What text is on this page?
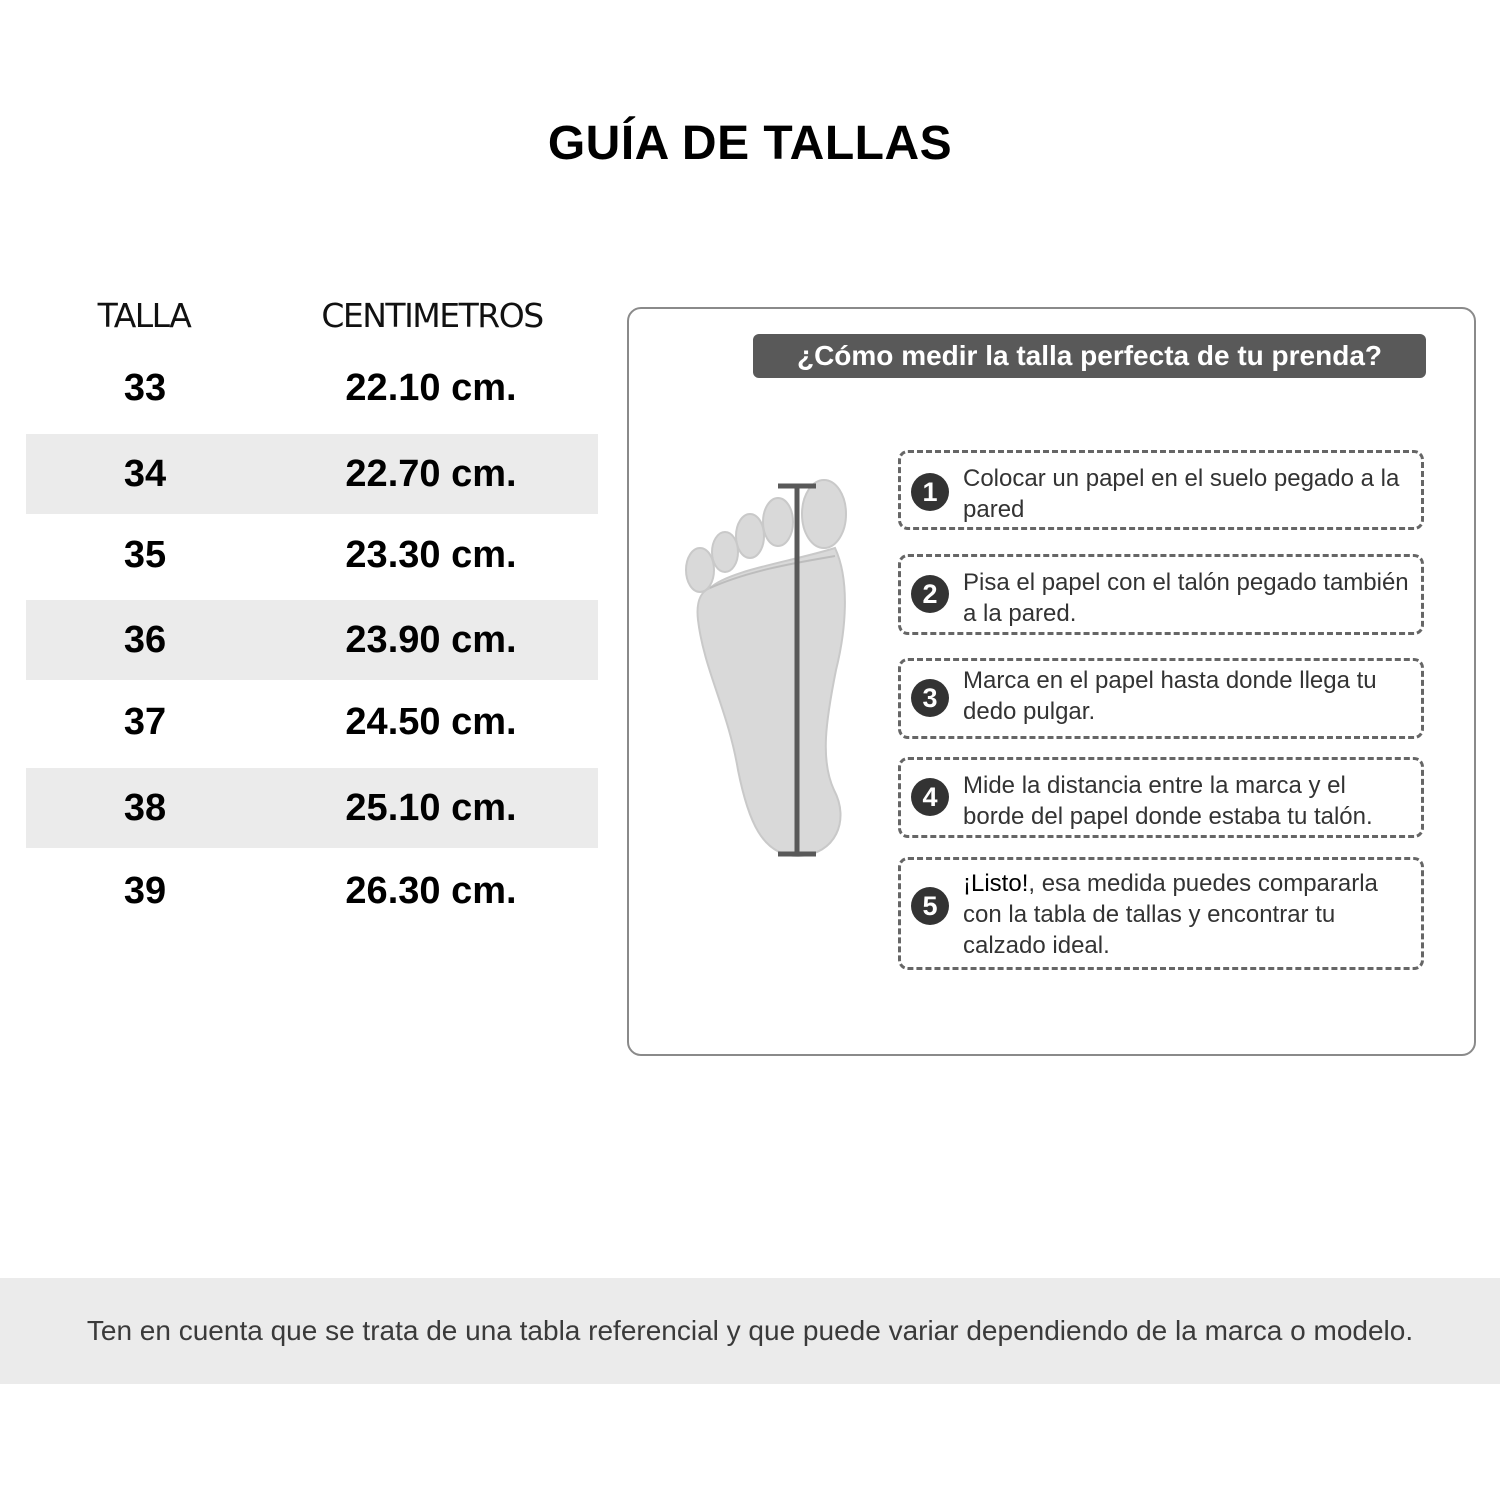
GUÍA DE TALLAS
TALLA	CENTIMETROS
33	22.10 cm.
34	22.70 cm.
35	23.30 cm.
36	23.90 cm.
37	24.50 cm.
38	25.10 cm.
39	26.30 cm.
¿Cómo medir la talla perfecta de tu prenda?
1	Colocar un papel en el suelo pegado a la pared
2	Pisa el papel con el talón pegado también a la pared.
3
Marca en el papel hasta donde llega tu dedo pulgar.
4	Mide la distancia entre la marca y el borde del papel donde estaba tu talón.
5
¡Listo!, esa medida puedes compararla con la tabla de tallas y encontrar tu calzado ideal.
Ten en cuenta que se trata de una tabla referencial y que puede variar dependiendo de la marca o modelo.
